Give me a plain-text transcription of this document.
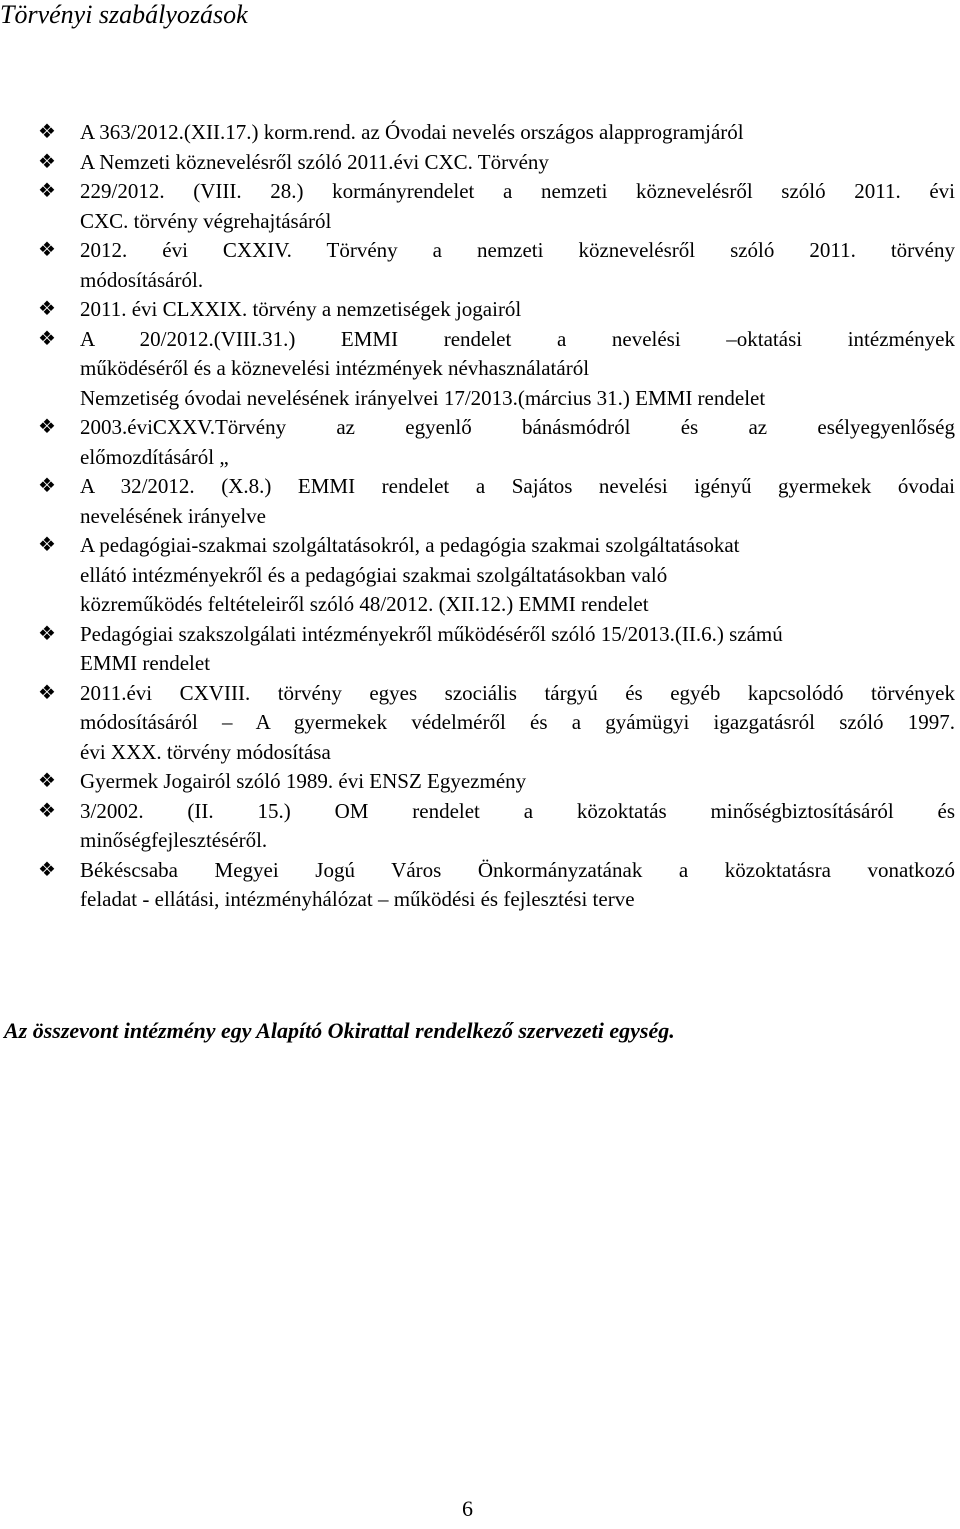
Törvényi szabályozások
❖ A 363/2012.(XII.17.) korm.rend. az Óvodai nevelés országos alapprogramjáról
❖ A Nemzeti köznevelésről szóló 2011.évi CXC. Törvény
❖ 229/2012. (VIII. 28.) kormányrendelet a nemzeti köznevelésről szóló 2011. évi
CXC. törvény végrehajtásáról
❖ 2012. évi CXXIV. Törvény a nemzeti köznevelésről szóló 2011. törvény
módosításáról.
❖ 2011. évi CLXXIX. törvény a nemzetiségek jogairól
❖ A 20/2012.(VIII.31.) EMMI rendelet a nevelési –oktatási intézmények
működéséről és a köznevelési intézmények névhasználatáról
Nemzetiség óvodai nevelésének irányelvei 17/2013.(március 31.) EMMI rendelet
❖ 2003.éviCXXV.Törvény az egyenlő bánásmódról és az esélyegyenlőség
előmozdításáról „
❖ A 32/2012. (X.8.) EMMI rendelet a Sajátos nevelési igényű gyermekek óvodai
nevelésének irányelve
❖ A pedagógiai-szakmai szolgáltatásokról, a pedagógia szakmai szolgáltatásokat
ellátó intézményekről és a pedagógiai szakmai szolgáltatásokban való
közreműködés feltételeiről szóló 48/2012. (XII.12.) EMMI rendelet
❖ Pedagógiai szakszolgálati intézményekről működéséről szóló 15/2013.(II.6.) számú
EMMI rendelet
❖ 2011.évi CXVIII. törvény egyes szociális tárgyú és egyéb kapcsolódó törvények
módosításáról – A gyermekek védelméről és a gyámügyi igazgatásról szóló 1997.
évi XXX. törvény módosítása
❖ Gyermek Jogairól szóló 1989. évi ENSZ Egyezmény
❖ 3/2002. (II. 15.) OM rendelet a közoktatás minőségbiztosításáról és
minőségfejlesztéséről.
❖ Békéscsaba Megyei Jogú Város Önkormányzatának a közoktatásra vonatkozó
feladat - ellátási, intézményhálózat – működési és fejlesztési terve
Az összevont intézmény egy Alapító Okirattal rendelkező szervezeti egység.
6
